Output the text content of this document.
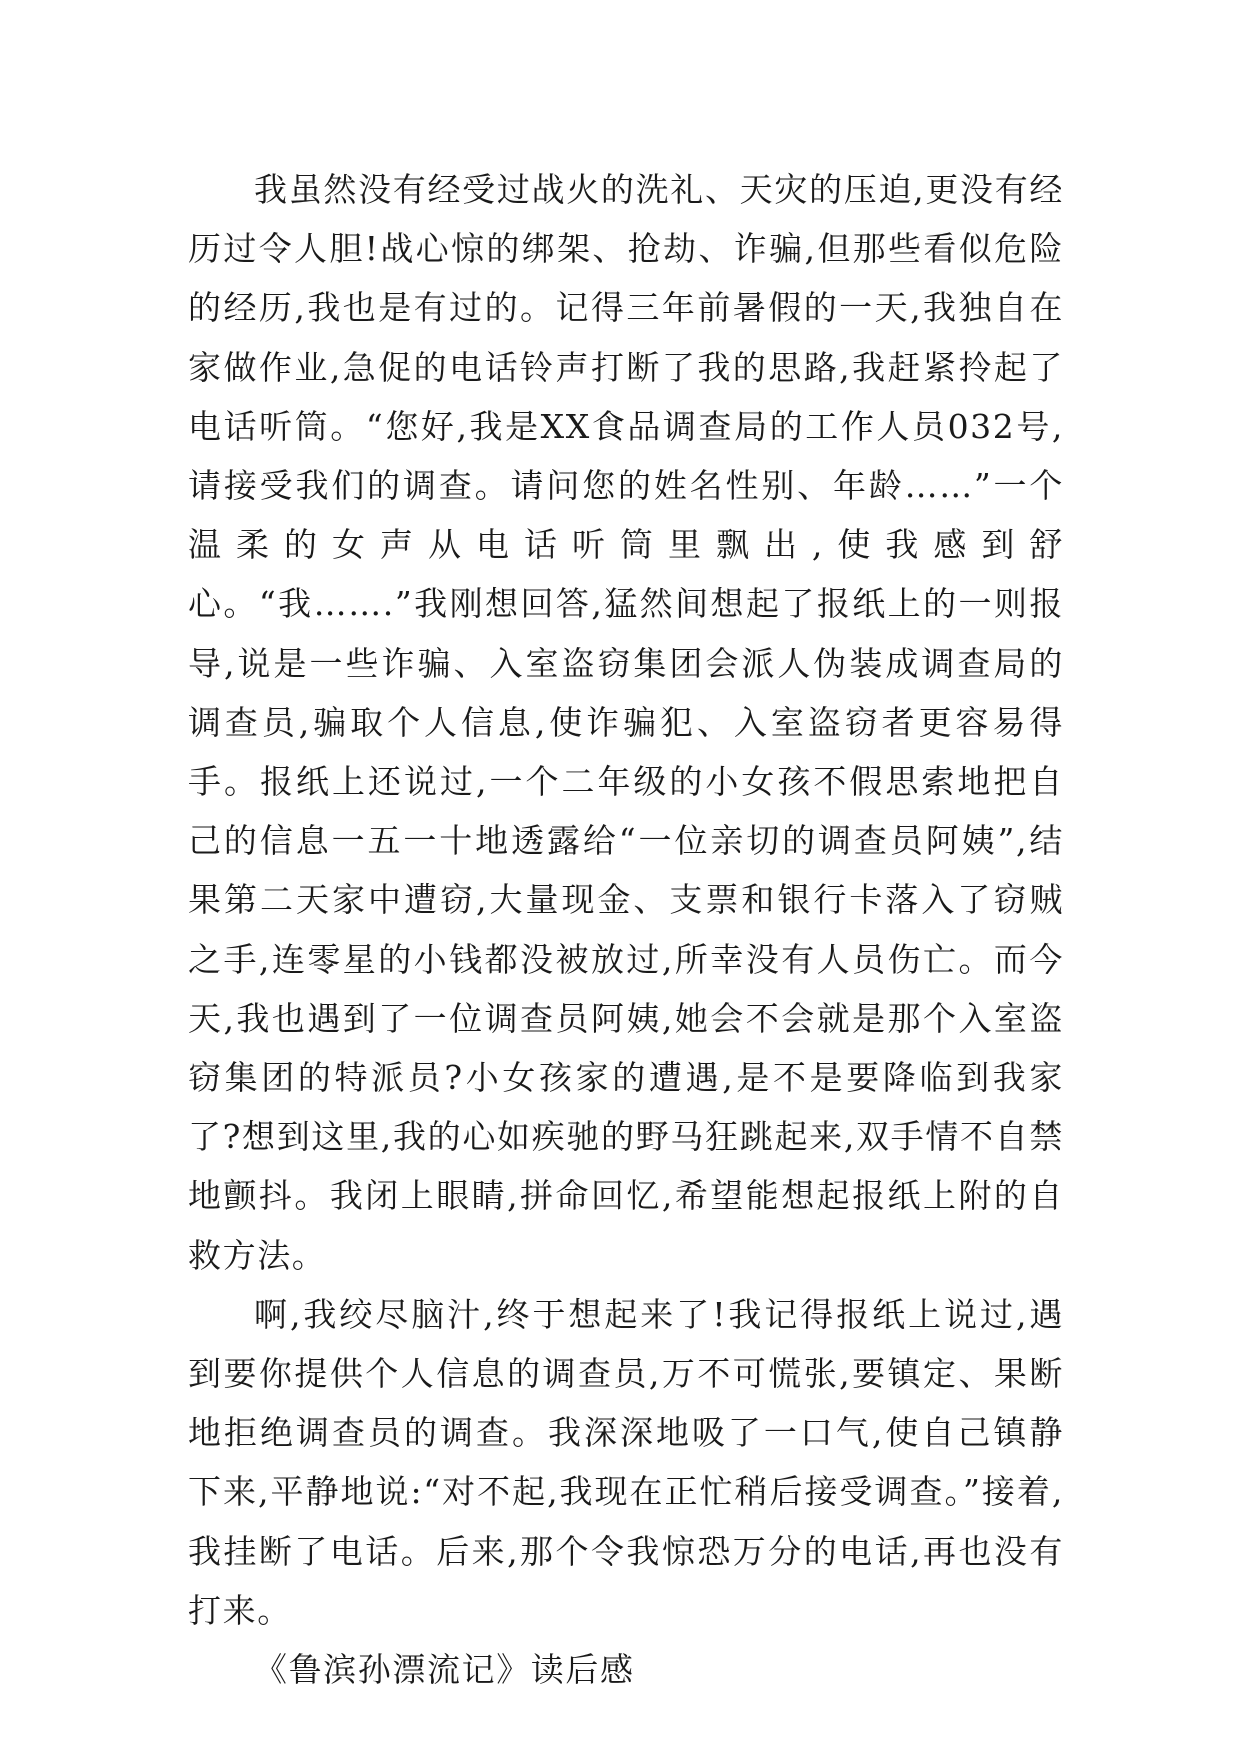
我虽然没有经受过战火的洗礼、天灾的压迫,更没有经历过令人胆!战心惊的绑架、抢劫、诈骗,但那些看似危险的经历,我也是有过的。记得三年前暑假的一天,我独自在家做作业,急促的电话铃声打断了我的思路,我赶紧拎起了电话听筒。“您好,我是XX食品调查局的工作人员032号,请接受我们的调查。请问您的姓名性别、年龄……”一个温柔的女声从电话听筒里飘出,使我感到舒心。“我…….”我刚想回答,猛然间想起了报纸上的一则报导,说是一些诈骗、入室盗窃集团会派人伪装成调查局的调查员,骗取个人信息,使诈骗犯、入室盗窃者更容易得手。报纸上还说过,一个二年级的小女孩不假思索地把自己的信息一五一十地透露给“一位亲切的调查员阿姨”,结果第二天家中遭窃,大量现金、支票和银行卡落入了窃贼之手,连零星的小钱都没被放过,所幸没有人员伤亡。而今天,我也遇到了一位调查员阿姨,她会不会就是那个入室盗窃集团的特派员?小女孩家的遭遇,是不是要降临到我家了?想到这里,我的心如疾驰的野马狂跳起来,双手情不自禁地颤抖。我闭上眼睛,拼命回忆,希望能想起报纸上附的自救方法。

啊,我绞尽脑汁,终于想起来了!我记得报纸上说过,遇到要你提供个人信息的调查员,万不可慌张,要镇定、果断地拒绝调查员的调查。我深深地吸了一口气,使自己镇静下来,平静地说:“对不起,我现在正忙稍后接受调查。”接着,我挂断了电话。后来,那个令我惊恐万分的电话,再也没有打来。

《鲁滨孙漂流记》读后感
